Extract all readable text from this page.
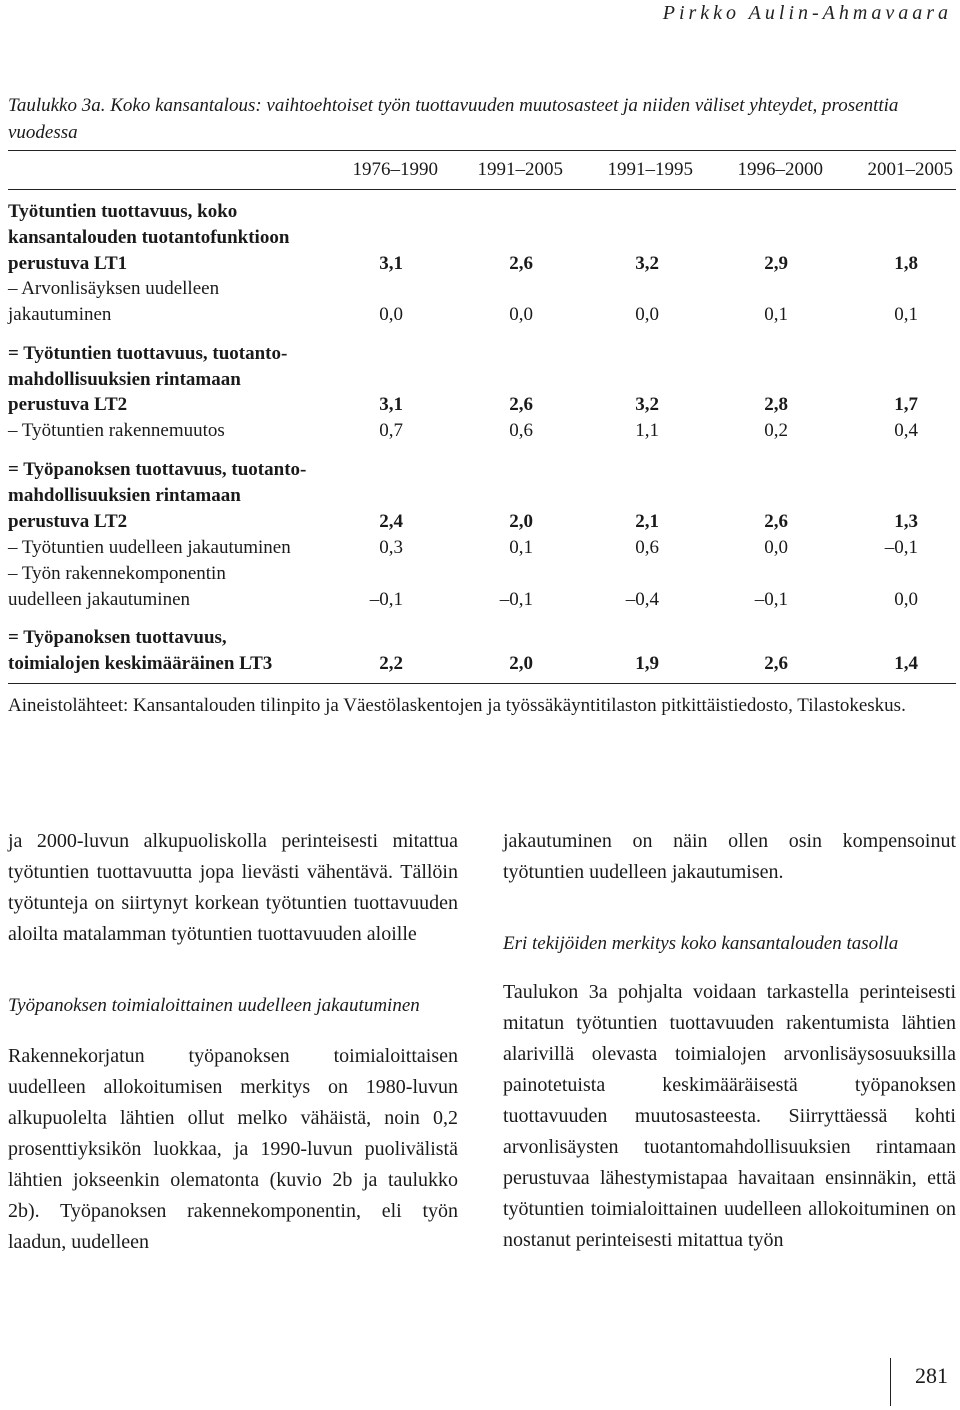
Pirkko Aulin-Ahmavaara
Taulukko 3a. Koko kansantalous: vaihtoehtoiset työn tuottavuuden muutosasteet ja niiden väliset yhteydet, prosenttia vuodessa
1976–1990	1991–2005	1991–1995	1996–2000	2001–2005
Työtuntien tuottavuus, koko
kansantalouden tuotantofunktioon
perustuva LT1	3,1	2,6	3,2	2,9	1,8
– Arvonlisäyksen uudelleen
jakautuminen	0,0	0,0	0,0	0,1	0,1
= Työtuntien tuottavuus, tuotanto-
mahdollisuuksien rintamaan
perustuva LT2	3,1	2,6	3,2	2,8	1,7
– Työtuntien rakennemuutos	0,7	0,6	1,1	0,2	0,4
= Työpanoksen tuottavuus, tuotanto-
mahdollisuuksien rintamaan
perustuva LT2	2,4	2,0	2,1	2,6	1,3
– Työtuntien uudelleen jakautuminen	0,3	0,1	0,6	0,0	–0,1
– Työn rakennekomponentin
uudelleen jakautuminen	–0,1	–0,1	–0,4	–0,1	0,0
= Työpanoksen tuottavuus,
toimialojen keskimääräinen LT3	2,2	2,0	1,9	2,6	1,4
Aineistolähteet: Kansantalouden tilinpito ja Väestölaskentojen ja työssäkäyntitilaston pitkittäistiedosto, Tilastokeskus.

ja 2000-luvun alkupuoliskolla perinteisesti mitattua työtuntien tuottavuutta jopa lievästi vähentävä. Tällöin työtunteja on siirtynyt korkean työtuntien tuottavuuden aloilta matalamman työtuntien tuottavuuden aloille

Työpanoksen toimialoittainen uudelleen jakautuminen

Rakennekorjatun työpanoksen toimialoittaisen uudelleen allokoitumisen merkitys on 1980-luvun alkupuolelta lähtien ollut melko vähäistä, noin 0,2 prosenttiyksikön luokkaa, ja 1990-luvun puolivälistä lähtien jokseenkin olematonta (kuvio 2b ja taulukko 2b). Työpanoksen rakennekomponentin, eli työn laadun, uudelleen

jakautuminen on näin ollen osin kompensoinut työtuntien uudelleen jakautumisen.

Eri tekijöiden merkitys koko kansantalouden tasolla

Taulukon 3a pohjalta voidaan tarkastella perinteisesti mitatun työtuntien tuottavuuden rakentumista lähtien alarivillä olevasta toimialojen arvonlisäysosuuksilla painotetuista keskimääräisestä työpanoksen tuottavuuden muutosasteesta. Siirryttäessä kohti arvonlisäysten tuotantomahdollisuuksien rintamaan perustuvaa lähestymistapaa havaitaan ensinnäkin, että työtuntien toimialoittainen uudelleen allokoituminen on nostanut perinteisesti mitattua työn

281
